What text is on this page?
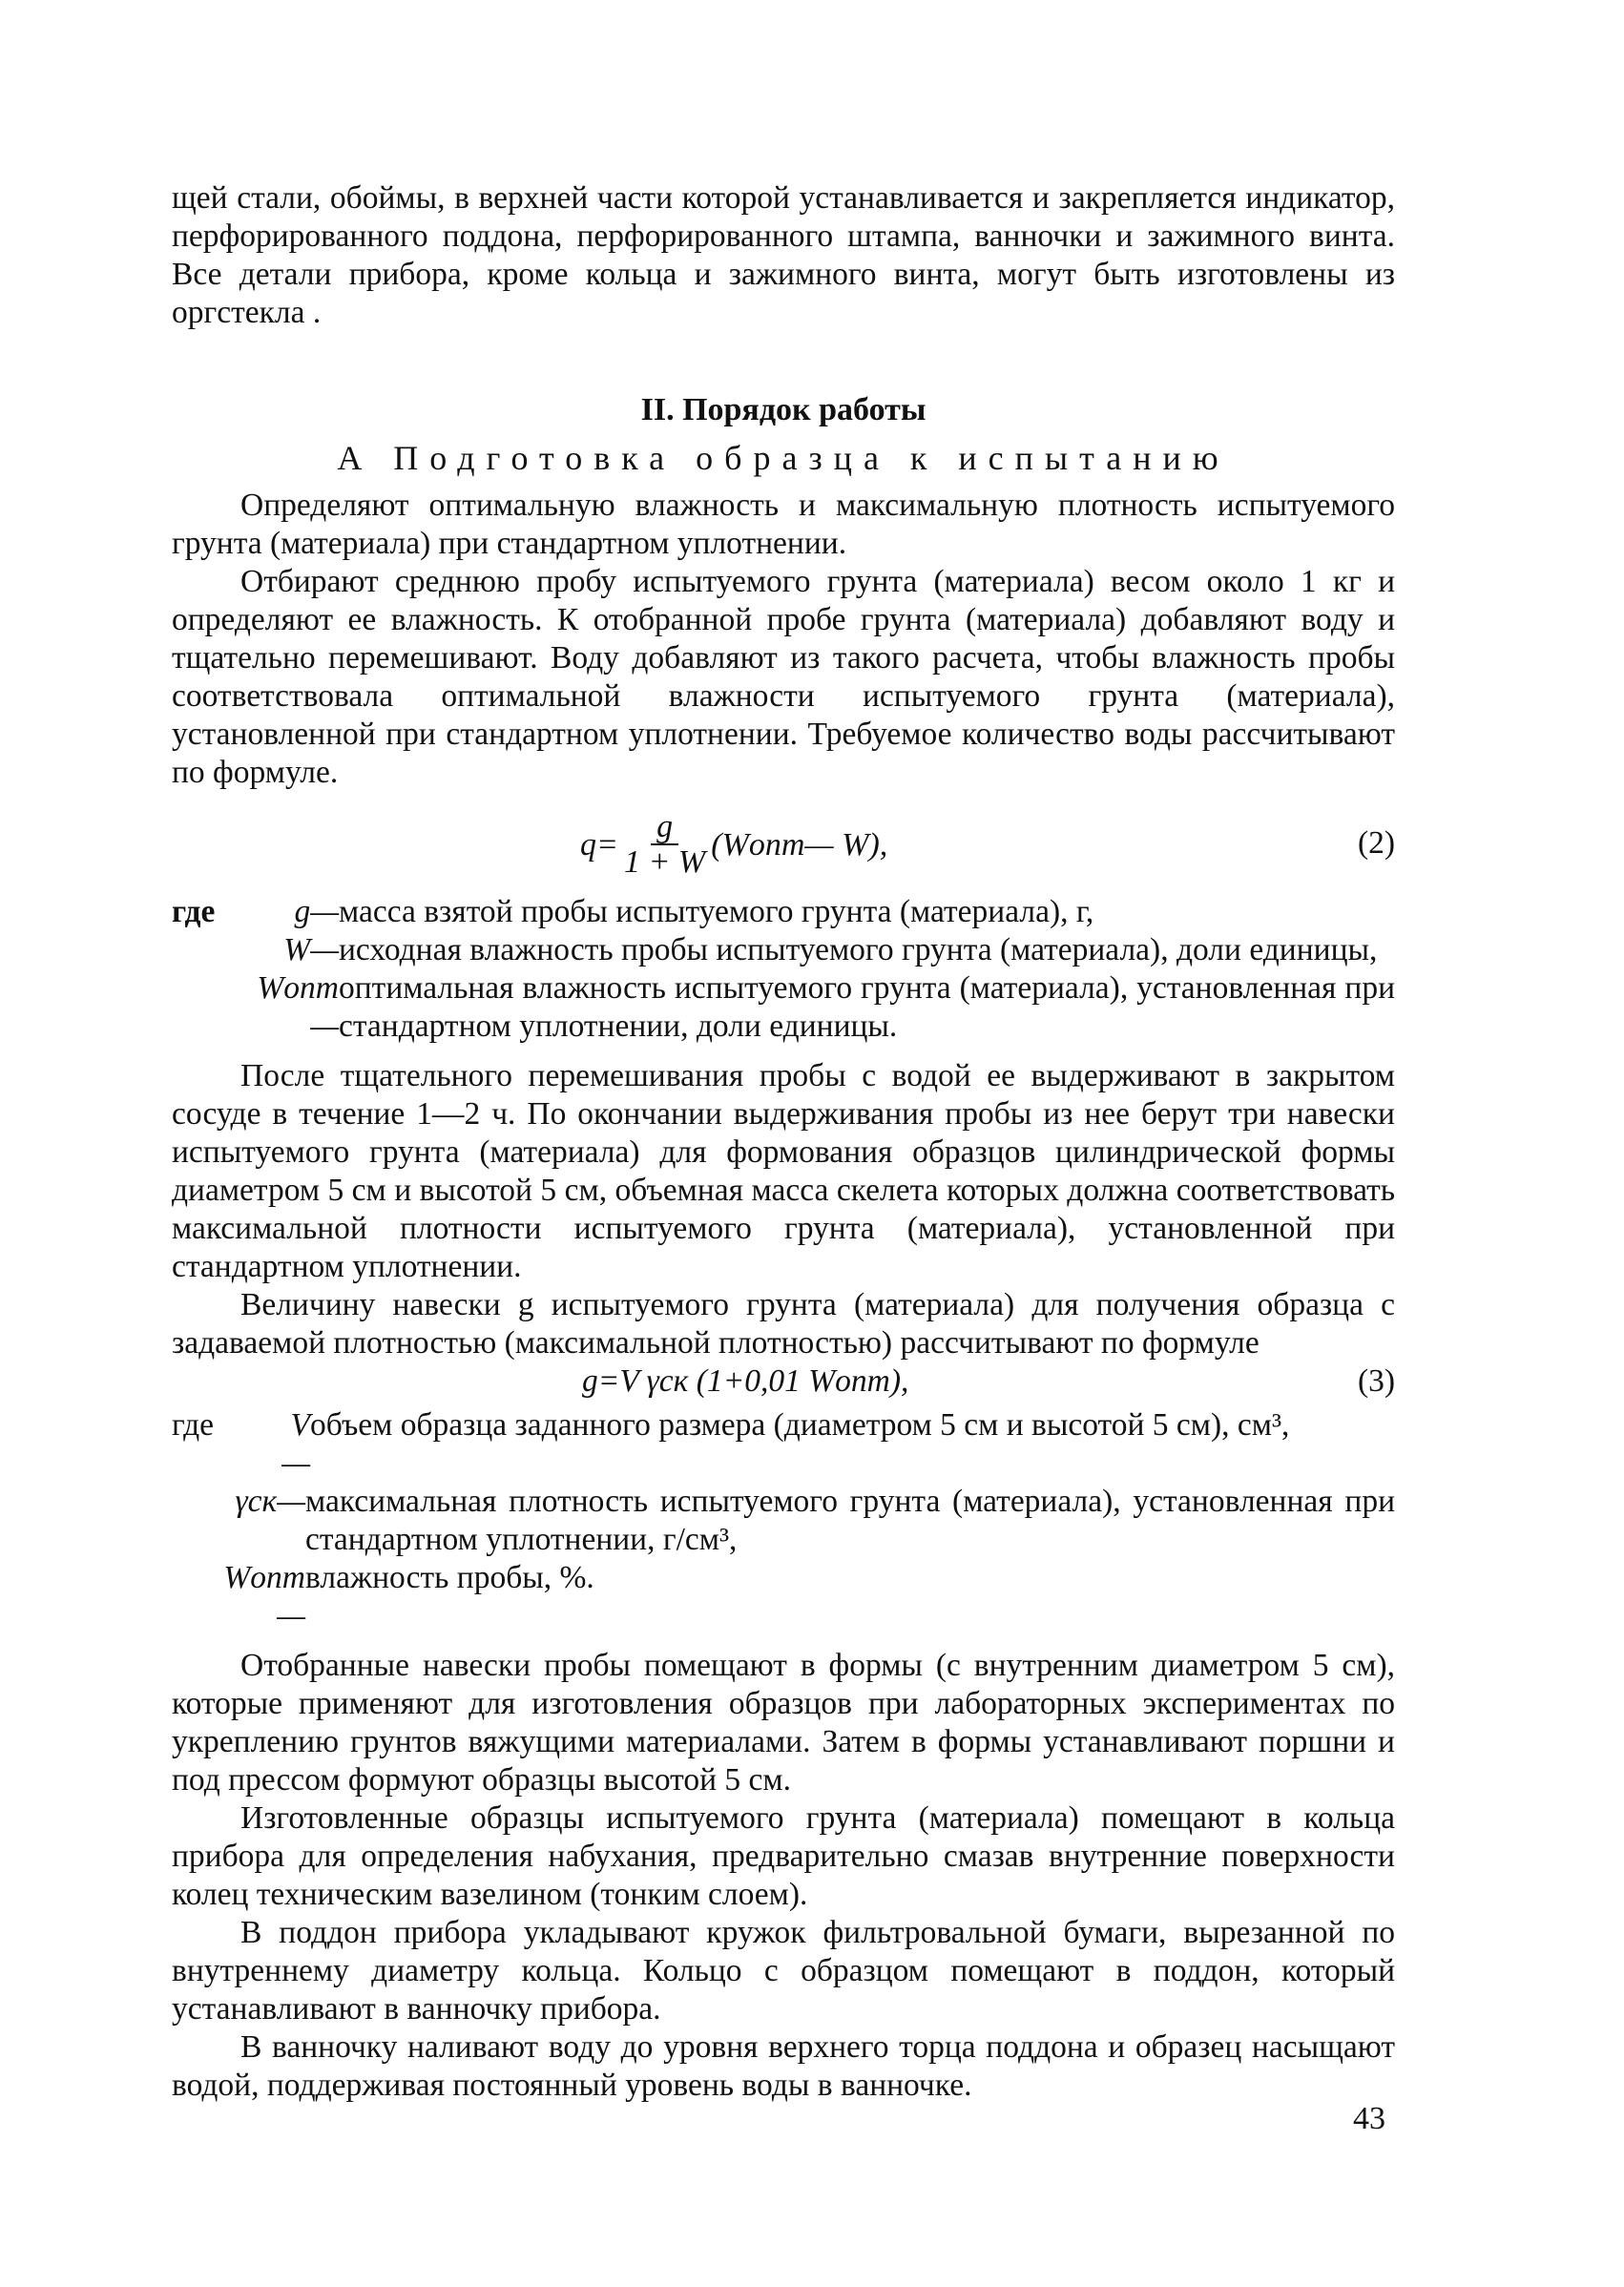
щей стали, обоймы, в верхней части которой устанавливается и закрепляется индикатор, перфорированного поддона, перфорированного штампа, ванночки и зажимного винта. Все детали прибора, кроме кольца и зажимного винта, могут быть изготовлены из оргстекла .

II. Порядок работы
А Подготовка образца к испытанию

Определяют оптимальную влажность и максимальную плотность испытуемого грунта (материала) при стандартном уплотнении.

Отбирают среднюю пробу испытуемого грунта (материала) весом около 1 кг и определяют ее влажность. К отобранной пробе грунта (материала) добавляют воду и тщательно перемешивают. Воду добавляют из такого расчета, чтобы влажность пробы соответствовала оптимальной влажности испытуемого грунта (материала), установленной при стандартном уплотнении. Требуемое количество воды рассчитывают по формуле.

$q= \frac{g}{1 + W}$ (Wопт— W),	(2)
где	g— масса взятой пробы испытуемого грунта (материала), г,
W— исходная влажность пробы испытуемого грунта (материала), доли единицы,
Wопт—
оптимальная влажность испытуемого грунта (материала), установленная при стандартном уплотнении, доли единицы.

После тщательного перемешивания пробы с водой ее выдерживают в закрытом сосуде в течение 1—2 ч. По окончании выдерживания пробы из нее берут три навески испытуемого грунта (материала) для формования образцов цилиндрической формы диаметром 5 см и высотой 5 см, объемная масса скелета которых должна соответствовать максимальной плотности испытуемого грунта (материала), установленной при стандартном уплотнении.

Величину навески g испытуемого грунта (материала) для получения образца с задаваемой плотностью (максимальной плотностью) рассчитывают по формуле

g=V γск (1+0,01 Wопт),	(3)
где	V—
объем образца заданного размера (диаметром 5 см и высотой 5 см), см³,
γск— максимальная плотность испытуемого грунта (материала), установленная при стандартном уплотнении, г/см³,
Wопт —
влажность пробы, %.

Отобранные навески пробы помещают в формы (с внутренним диаметром 5 см), которые применяют для изготовления образцов при лабораторных экспериментах по укреплению грунтов вяжущими материалами. Затем в формы устанавливают поршни и под прессом формуют образцы высотой 5 см.

Изготовленные образцы испытуемого грунта (материала) помещают в кольца прибора для определения набухания, предварительно смазав внутренние поверхности колец техническим вазелином (тонким слоем).

В поддон прибора укладывают кружок фильтровальной бумаги, вырезанной по внутреннему диаметру кольца. Кольцо с образцом помещают в поддон, который устанавливают в ванночку прибора.

В ванночку наливают воду до уровня верхнего торца поддона и образец насыщают водой, поддерживая постоянный уровень воды в ванночке.

43
